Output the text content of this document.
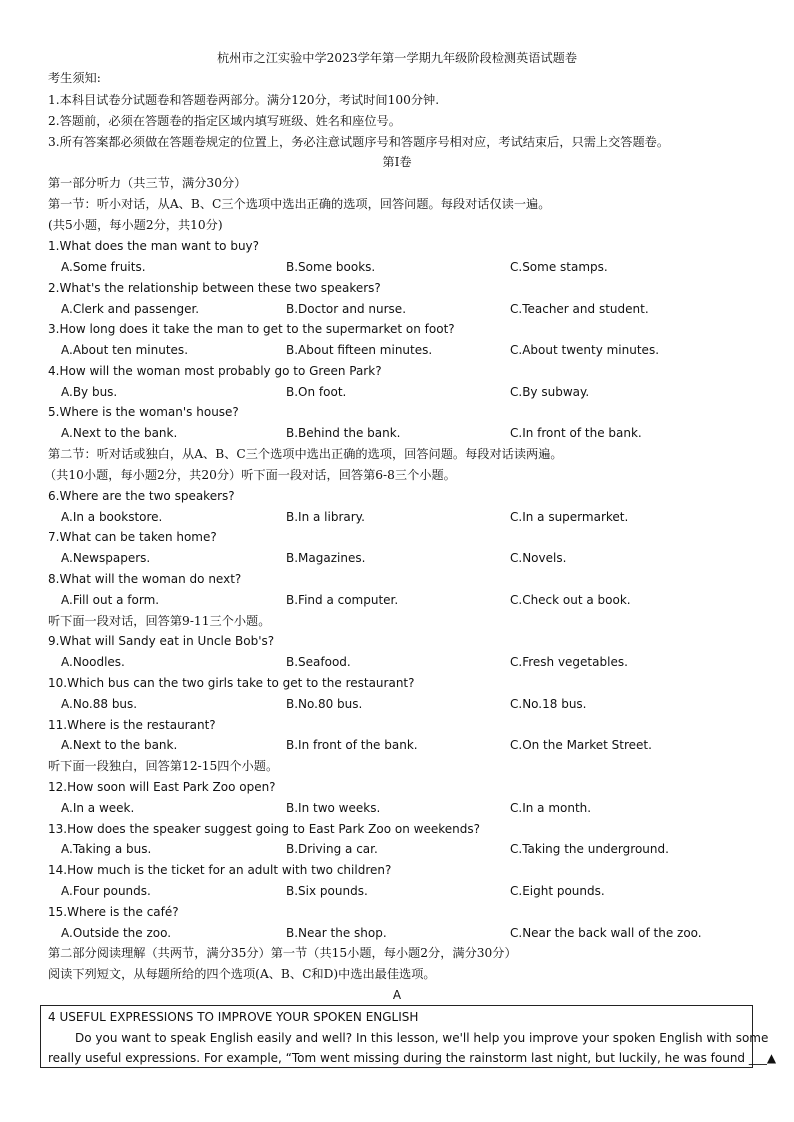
杭州市之江实验中学2023学年第一学期九年级阶段检测英语试题卷
考生须知:
1.本科目试卷分试题卷和答题卷两部分。满分120分，考试时间100分钟.
2.答题前，必须在答题卷的指定区域内填写班级、姓名和座位号。
3.所有答案都必须做在答题卷规定的位置上，务必注意试题序号和答题序号相对应，考试结束后，只需上交答题卷。
第Ⅰ卷
第一部分听力（共三节，满分30分）
第一节：听小对话，从A、B、C三个选项中选出正确的选项，回答问题。每段对话仅读一遍。
(共5小题，每小题2分，共10分)
1.What does the man want to buy?
A.Some fruits.	B.Some books.	C.Some stamps.
2.What's the relationship between these two speakers?
A.Clerk and passenger.	B.Doctor and nurse.	C.Teacher and student.
3.How long does it take the man to get to the supermarket on foot?
A.About ten minutes.	B.About fifteen minutes.	C.About twenty minutes.
4.How will the woman most probably go to Green Park?
A.By bus.	B.On foot.	C.By subway.
5.Where is the woman's house?
A.Next to the bank.	B.Behind the bank.	C.In front of the bank.
第二节：听对话或独白，从A、B、C三个选项中选出正确的选项，回答问题。每段对话读两遍。
（共10小题，每小题2分，共20分）听下面一段对话，回答第6-8三个小题。
6.Where are the two speakers?
A.In a bookstore.	B.In a library.	C.In a supermarket.
7.What can be taken home?
A.Newspapers.	B.Magazines.	C.Novels.
8.What will the woman do next?
A.Fill out a form.	B.Find a computer.	C.Check out a book.
听下面一段对话，回答第9-11三个小题。
9.What will Sandy eat in Uncle Bob's?
A.Noodles.	B.Seafood.	C.Fresh vegetables.
10.Which bus can the two girls take to get to the restaurant?
A.No.88 bus.	B.No.80 bus.	C.No.18 bus.
11.Where is the restaurant?
A.Next to the bank.	B.In front of the bank.	C.On the Market Street.
听下面一段独白，回答第12-15四个小题。
12.How soon will East Park Zoo open?
A.In a week.	B.In two weeks.	C.In a month.
13.How does the speaker suggest going to East Park Zoo on weekends?
A.Taking a bus.	B.Driving a car.	C.Taking the underground.
14.How much is the ticket for an adult with two children?
A.Four pounds.	B.Six pounds.	C.Eight pounds.
15.Where is the café?
A.Outside the zoo.	B.Near the shop.	C.Near the back wall of the zoo.
第二部分阅读理解（共两节，满分35分）第一节（共15小题，每小题2分，满分30分）
阅读下列短文，从每题所给的四个选项(A、B、C和D)中选出最佳选项。
A
4 USEFUL EXPRESSIONS TO IMPROVE YOUR SPOKEN ENGLISH
Do you want to speak English easily and well? In this lesson, we'll help you improve your spoken English with some
really useful expressions. For example, “Tom went missing during the rainstorm last night, but luckily, he was found ___▲
